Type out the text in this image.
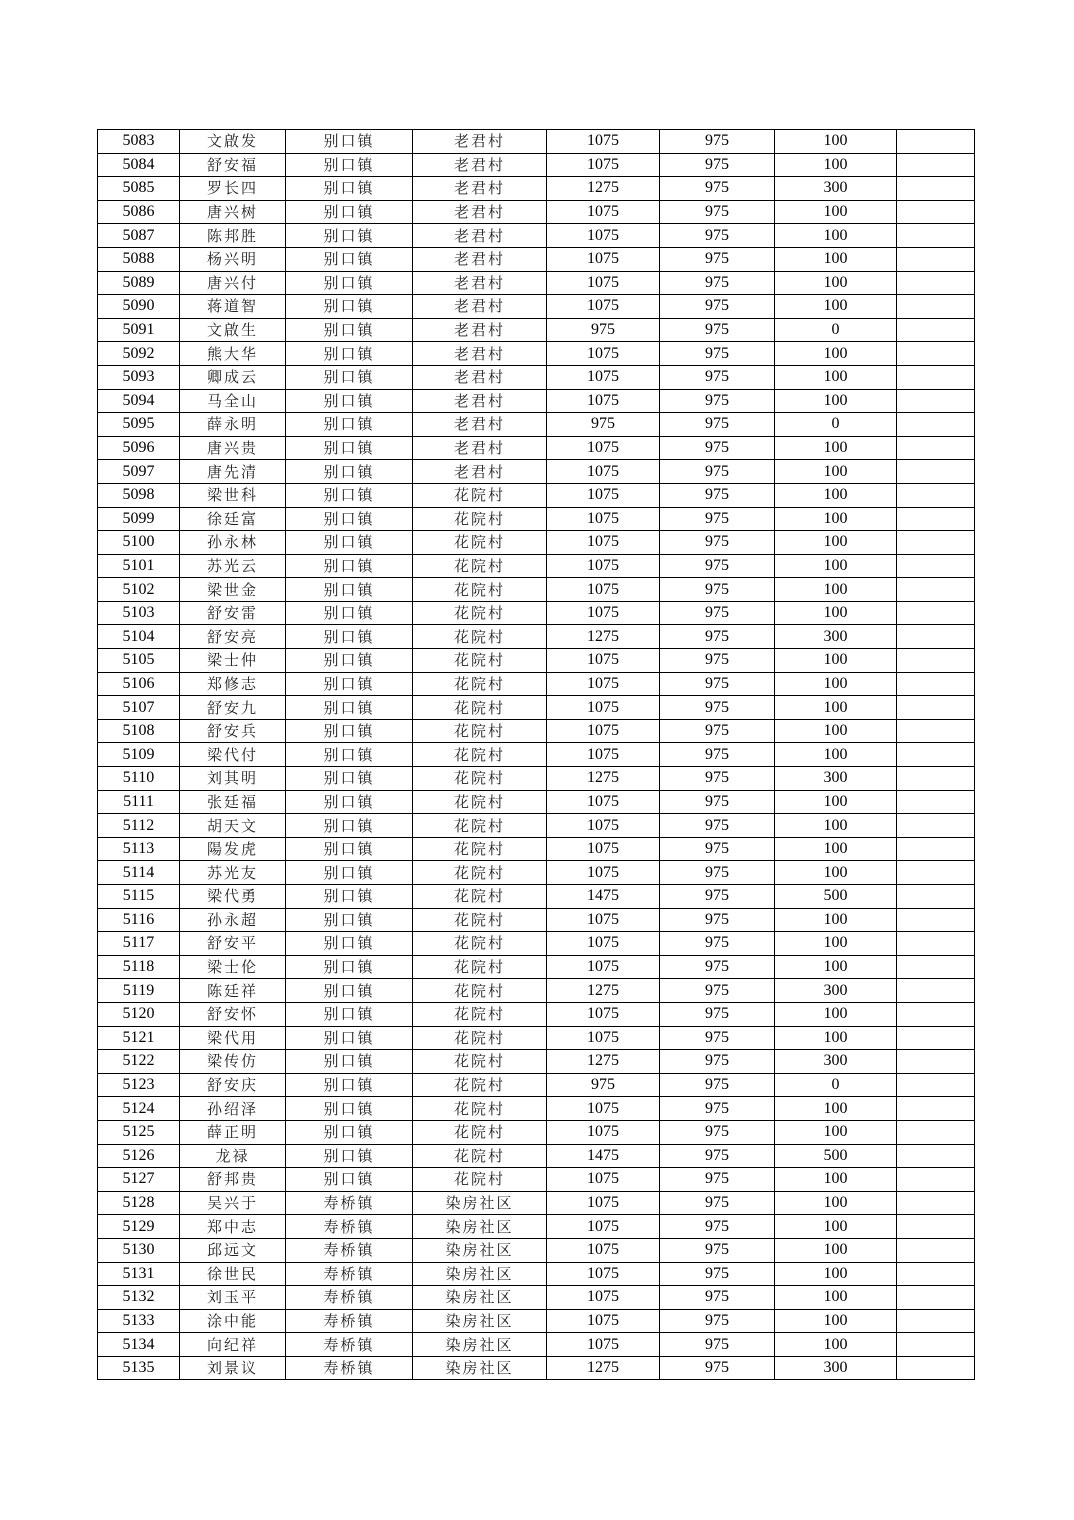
5083	文啟发	别口镇	老君村	1075	975	100	
5084	舒安福	别口镇	老君村	1075	975	100	
5085	罗长四	别口镇	老君村	1275	975	300	
5086	唐兴树	别口镇	老君村	1075	975	100	
5087	陈邦胜	别口镇	老君村	1075	975	100	
5088	杨兴明	别口镇	老君村	1075	975	100	
5089	唐兴付	别口镇	老君村	1075	975	100	
5090	蒋道智	别口镇	老君村	1075	975	100	
5091	文啟生	别口镇	老君村	975	975	0	
5092	熊大华	别口镇	老君村	1075	975	100	
5093	卿成云	别口镇	老君村	1075	975	100	
5094	马全山	别口镇	老君村	1075	975	100	
5095	薛永明	别口镇	老君村	975	975	0	
5096	唐兴贵	别口镇	老君村	1075	975	100	
5097	唐先清	别口镇	老君村	1075	975	100	
5098	梁世科	别口镇	花院村	1075	975	100	
5099	徐廷富	别口镇	花院村	1075	975	100	
5100	孙永林	别口镇	花院村	1075	975	100	
5101	苏光云	别口镇	花院村	1075	975	100	
5102	梁世金	别口镇	花院村	1075	975	100	
5103	舒安雷	别口镇	花院村	1075	975	100	
5104	舒安亮	别口镇	花院村	1275	975	300	
5105	梁士仲	别口镇	花院村	1075	975	100	
5106	郑修志	别口镇	花院村	1075	975	100	
5107	舒安九	别口镇	花院村	1075	975	100	
5108	舒安兵	别口镇	花院村	1075	975	100	
5109	梁代付	别口镇	花院村	1075	975	100	
5110	刘其明	别口镇	花院村	1275	975	300	
5111	张廷福	别口镇	花院村	1075	975	100	
5112	胡天文	别口镇	花院村	1075	975	100	
5113	陽发虎	别口镇	花院村	1075	975	100	
5114	苏光友	别口镇	花院村	1075	975	100	
5115	梁代勇	别口镇	花院村	1475	975	500	
5116	孙永超	别口镇	花院村	1075	975	100	
5117	舒安平	别口镇	花院村	1075	975	100	
5118	梁士伦	别口镇	花院村	1075	975	100	
5119	陈廷祥	别口镇	花院村	1275	975	300	
5120	舒安怀	别口镇	花院村	1075	975	100	
5121	梁代用	别口镇	花院村	1075	975	100	
5122	梁传仿	别口镇	花院村	1275	975	300	
5123	舒安庆	别口镇	花院村	975	975	0	
5124	孙绍泽	别口镇	花院村	1075	975	100	
5125	薛正明	别口镇	花院村	1075	975	100	
5126	龙禄	别口镇	花院村	1475	975	500	
5127	舒邦贵	别口镇	花院村	1075	975	100	
5128	吴兴于	寿桥镇	染房社区	1075	975	100	
5129	郑中志	寿桥镇	染房社区	1075	975	100	
5130	邱远文	寿桥镇	染房社区	1075	975	100	
5131	徐世民	寿桥镇	染房社区	1075	975	100	
5132	刘玉平	寿桥镇	染房社区	1075	975	100	
5133	涂中能	寿桥镇	染房社区	1075	975	100	
5134	向纪祥	寿桥镇	染房社区	1075	975	100	
5135	刘景议	寿桥镇	染房社区	1275	975	300	
